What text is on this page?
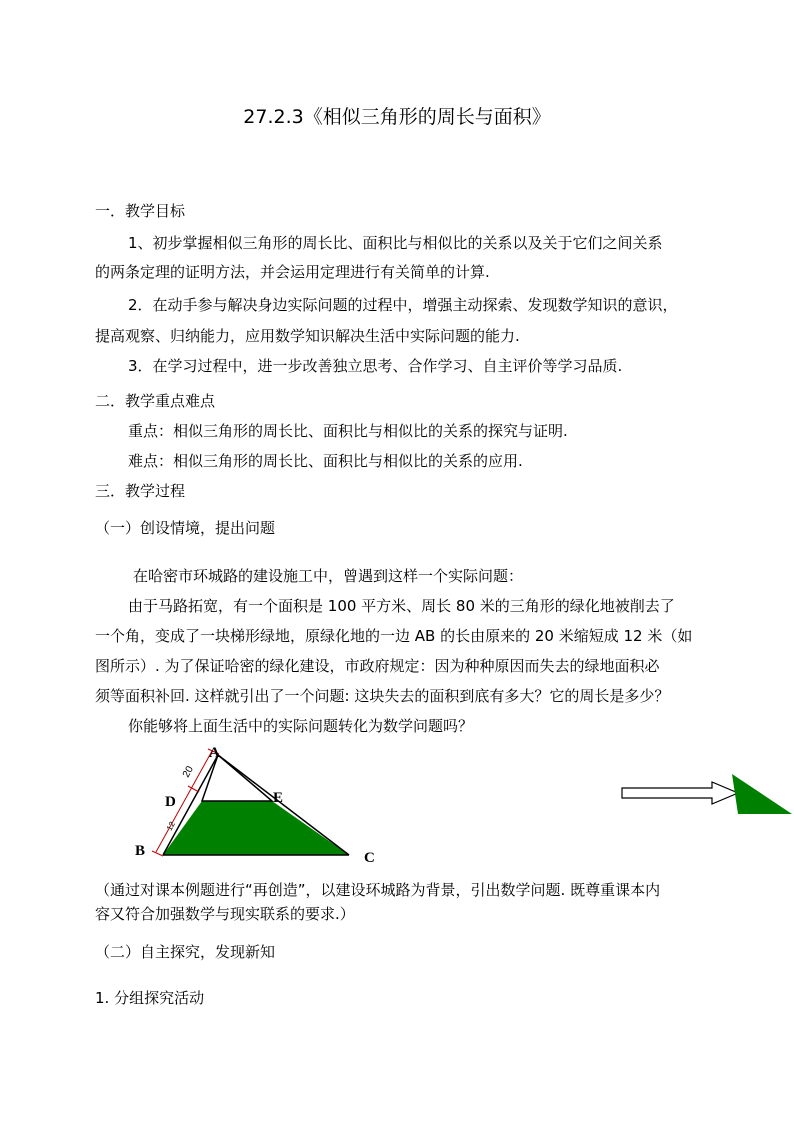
27.2.3《相似三角形的周长与面积》
一．教学目标
1、初步掌握相似三角形的周长比、面积比与相似比的关系以及关于它们之间关系
的两条定理的证明方法，并会运用定理进行有关简单的计算.
2．在动手参与解决身边实际问题的过程中，增强主动探索、发现数学知识的意识，
提高观察、归纳能力，应用数学知识解决生活中实际问题的能力.
3．在学习过程中，进一步改善独立思考、合作学习、自主评价等学习品质.
二．教学重点难点
重点：相似三角形的周长比、面积比与相似比的关系的探究与证明.
难点：相似三角形的周长比、面积比与相似比的关系的应用.
三．教学过程
（一）创设情境，提出问题
在哈密市环城路的建设施工中，曾遇到这样一个实际问题：
由于马路拓宽，有一个面积是 100 平方米、周长 80 米的三角形的绿化地被削去了
一个角，变成了一块梯形绿地，原绿化地的一边 AB 的长由原来的 20 米缩短成 12 米（如
图所示）. 为了保证哈密的绿化建设，市政府规定：因为种种原因而失去的绿地面积必
须等面积补回. 这样就引出了一个问题: 这块失去的面积到底有多大？它的周长是多少？
你能够将上面生活中的实际问题转化为数学问题吗？
A
D	E
B	C
20
12
（通过对课本例题进行“再创造”，以建设环城路为背景，引出数学问题. 既尊重课本内
容又符合加强数学与现实联系的要求.）
（二）自主探究，发现新知
1. 分组探究活动
